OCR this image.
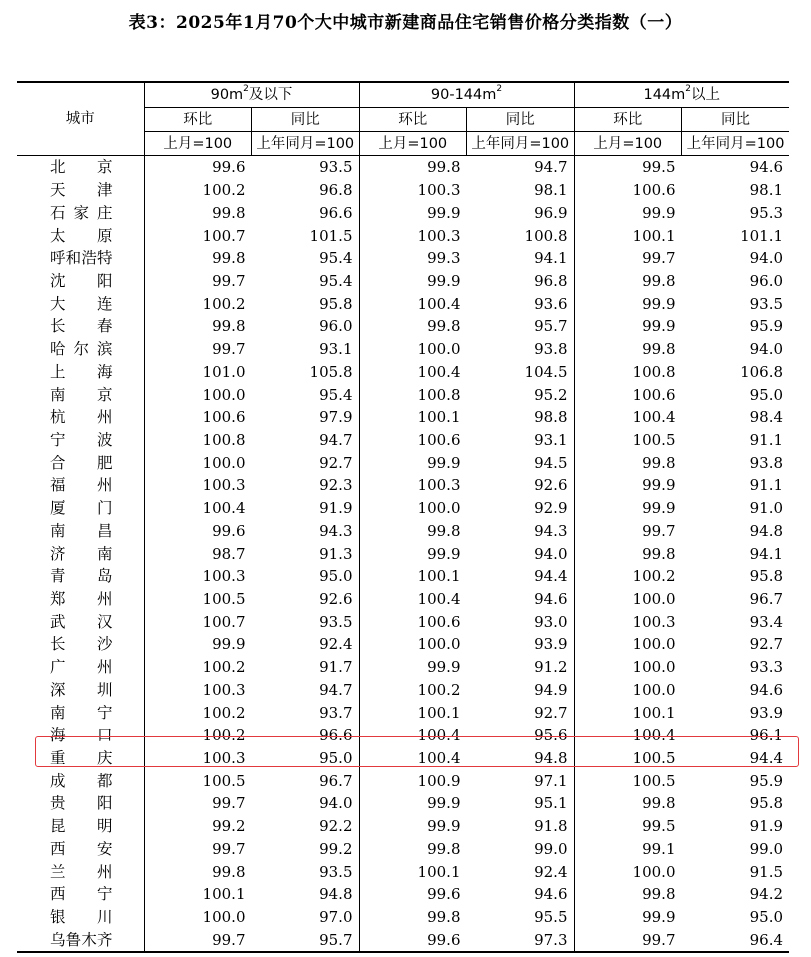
表3：2025年1月70个大中城市新建商品住宅销售价格分类指数（一）
城市	$90m^2$及以下		$90-144m^2$		$144m^2$以上	
	环比	同比	环比	同比	环比	同比
	上月=100	上年同月=100	上月=100	上年同月=100	上月=100	上年同月=100
北京	99.6	93.5	99.8	94.7	99.5	94.6
天津	100.2	96.8	100.3	98.1	100.6	98.1
石家庄	99.8	96.6	99.9	96.9	99.9	95.3
太原	100.7	101.5	100.3	100.8	100.1	101.1
呼和浩特	99.8	95.4	99.3	94.1	99.7	94.0
沈阳	99.7	95.4	99.9	96.8	99.8	96.0
大连	100.2	95.8	100.4	93.6	99.9	93.5
长春	99.8	96.0	99.8	95.7	99.9	95.9
哈尔滨	99.7	93.1	100.0	93.8	99.8	94.0
上海	101.0	105.8	100.4	104.5	100.8	106.8
南京	100.0	95.4	100.8	95.2	100.6	95.0
杭州	100.6	97.9	100.1	98.8	100.4	98.4
宁波	100.8	94.7	100.6	93.1	100.5	91.1
合肥	100.0	92.7	99.9	94.5	99.8	93.8
福州	100.3	92.3	100.3	92.6	99.9	91.1
厦门	100.4	91.9	100.0	92.9	99.9	91.0
南昌	99.6	94.3	99.8	94.3	99.7	94.8
济南	98.7	91.3	99.9	94.0	99.8	94.1
青岛	100.3	95.0	100.1	94.4	100.2	95.8
郑州	100.5	92.6	100.4	94.6	100.0	96.7
武汉	100.7	93.5	100.6	93.0	100.3	93.4
长沙	99.9	92.4	100.0	93.9	100.0	92.7
广州	100.2	91.7	99.9	91.2	100.0	93.3
深圳	100.3	94.7	100.2	94.9	100.0	94.6
南宁	100.2	93.7	100.1	92.7	100.1	93.9
海口	100.2	96.6	100.4	95.6	100.4	96.1
重庆	100.3	95.0	100.4	94.8	100.5	94.4
成都	100.5	96.7	100.9	97.1	100.5	95.9
贵阳	99.7	94.0	99.9	95.1	99.8	95.8
昆明	99.2	92.2	99.9	91.8	99.5	91.9
西安	99.7	99.2	99.8	99.0	99.1	99.0
兰州	99.8	93.5	100.1	92.4	100.0	91.5
西宁	100.1	94.8	99.6	94.6	99.8	94.2
银川	100.0	97.0	99.8	95.5	99.9	95.0
乌鲁木齐	99.7	95.7	99.6	97.3	99.7	96.4
